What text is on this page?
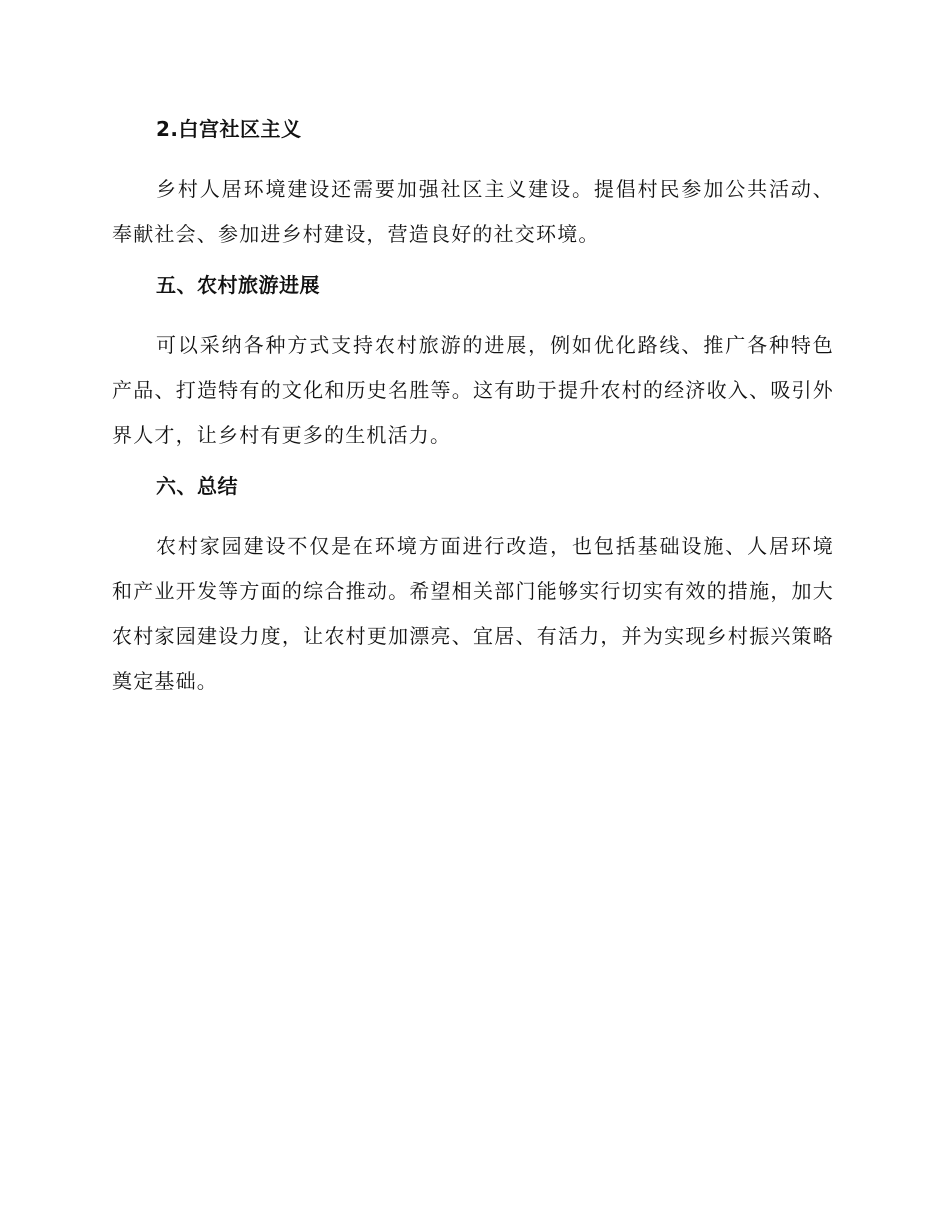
2.白宫社区主义

乡村人居环境建设还需要加强社区主义建设。提倡村民参加公共活动、奉献社会、参加进乡村建设，营造良好的社交环境。

五、农村旅游进展

可以采纳各种方式支持农村旅游的进展，例如优化路线、推广各种特色产品、打造特有的文化和历史名胜等。这有助于提升农村的经济收入、吸引外界人才，让乡村有更多的生机活力。

六、总结

农村家园建设不仅是在环境方面进行改造，也包括基础设施、人居环境和产业开发等方面的综合推动。希望相关部门能够实行切实有效的措施，加大农村家园建设力度，让农村更加漂亮、宜居、有活力，并为实现乡村振兴策略奠定基础。
